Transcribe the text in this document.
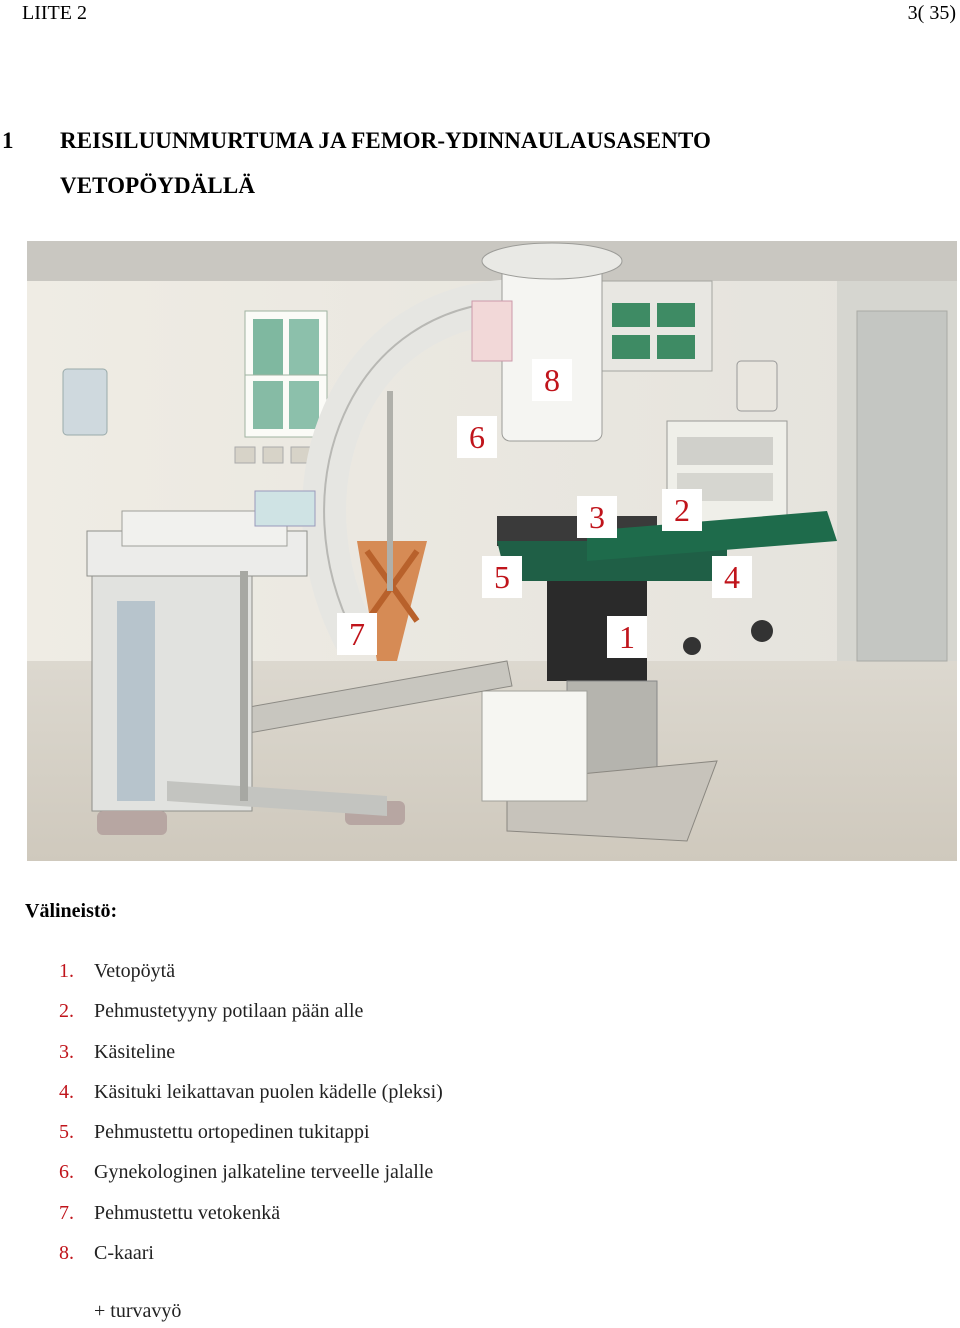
LIITE 2	3( 35)
1 REISILUUNMURTUMA JA FEMOR-YDINNAULAUSASENTO
VETOPÖYDÄLLÄ
1
2
3
4
5
6
7
8
Välineistö:
1. Vetopöytä
2. Pehmustetyyny potilaan pään alle
3. Käsiteline
4. Käsituki leikattavan puolen kädelle (pleksi)
5. Pehmustettu ortopedinen tukitappi
6. Gynekologinen jalkateline terveelle jalalle
7. Pehmustettu vetokenkä
8. C-kaari
+ turvavyö
